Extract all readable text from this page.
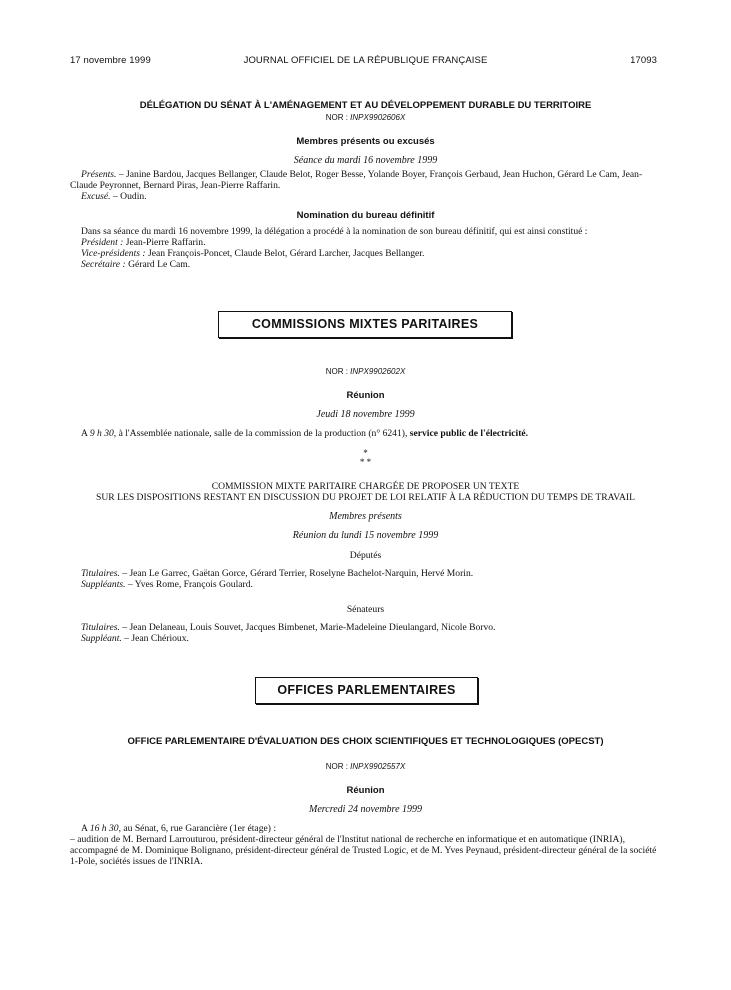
17 novembre 1999	JOURNAL OFFICIEL DE LA RÉPUBLIQUE FRANÇAISE	17093
DÉLÉGATION DU SÉNAT À L'AMÉNAGEMENT ET AU DÉVELOPPEMENT DURABLE DU TERRITOIRE
NOR : INPX9902606X
Membres présents ou excusés
Séance du mardi 16 novembre 1999

Présents. – Janine Bardou, Jacques Bellanger, Claude Belot, Roger Besse, Yolande Boyer, François Gerbaud, Jean Huchon, Gérard Le Cam, Jean-Claude Peyronnet, Bernard Piras, Jean-Pierre Raffarin.

Excusé. – Oudin.

Nomination du bureau définitif

Dans sa séance du mardi 16 novembre 1999, la délégation a procédé à la nomination de son bureau définitif, qui est ainsi constitué :

Président : Jean-Pierre Raffarin.

Vice-présidents : Jean François-Poncet, Claude Belot, Gérard Larcher, Jacques Bellanger.

Secrétaire : Gérard Le Cam.

COMMISSIONS MIXTES PARITAIRES
NOR : INPX9902602X
Réunion
Jeudi 18 novembre 1999

A 9 h 30, à l'Assemblée nationale, salle de la commission de la production (n° 6241), service public de l'électricité.

*
* *
COMMISSION MIXTE PARITAIRE CHARGÉE DE PROPOSER UN TEXTE
SUR LES DISPOSITIONS RESTANT EN DISCUSSION DU PROJET DE LOI RELATIF À LA RÉDUCTION DU TEMPS DE TRAVAIL
Membres présents
Réunion du lundi 15 novembre 1999
Députés

Titulaires. – Jean Le Garrec, Gaëtan Gorce, Gérard Terrier, Roselyne Bachelot-Narquin, Hervé Morin.

Suppléants. – Yves Rome, François Goulard.

Sénateurs

Titulaires. – Jean Delaneau, Louis Souvet, Jacques Bimbenet, Marie-Madeleine Dieulangard, Nicole Borvo.

Suppléant. – Jean Chérioux.

OFFICES PARLEMENTAIRES
OFFICE PARLEMENTAIRE D'ÉVALUATION DES CHOIX SCIENTIFIQUES ET TECHNOLOGIQUES (OPECST)
NOR : INPX9902557X
Réunion
Mercredi 24 novembre 1999

A 16 h 30, au Sénat, 6, rue Garancière (1er étage) :

– audition de M. Bernard Larrouturou, président-directeur général de l'Institut national de recherche en informatique et en automatique (INRIA), accompagné de M. Dominique Bolignano, président-directeur général de Trusted Logic, et de M. Yves Peynaud, président-directeur général de la société 1-Pole, sociétés issues de l'INRIA.
